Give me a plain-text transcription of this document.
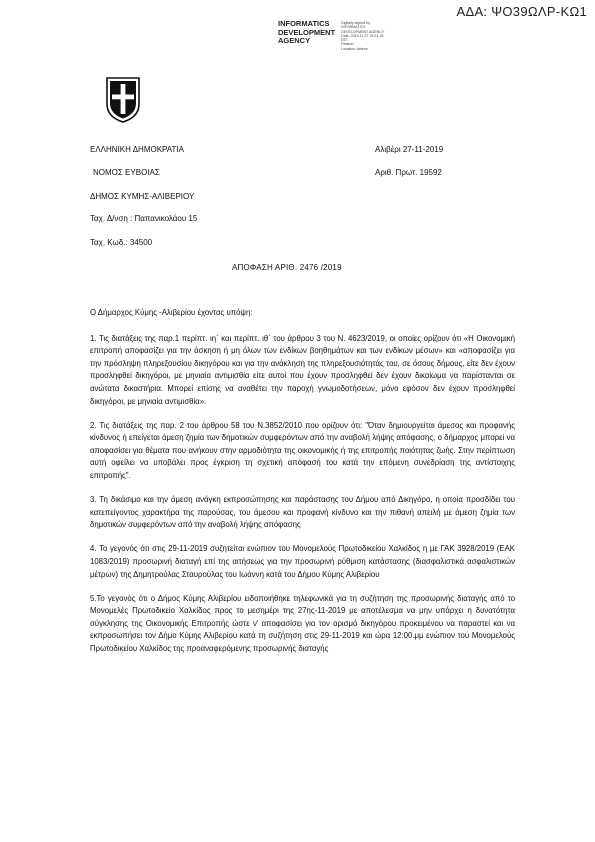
ΑΔΑ: ΨΟ39ΩΛΡ-ΚΩ1
INFORMATICS
DEVELOPMENT
AGENCY
Digitally signed by
INFORMATICS
DEVELOPMENT AGENCY
Date: 2019.11.27 15:21:15
EET
Reason:
Location: Athens
ΕΛΛΗΝΙΚΗ ΔΗΜΟΚΡΑΤΙΑ
ΝΟΜΟΣ ΕΥΒΟΙΑΣ
ΔΗΜΟΣ ΚΥΜΗΣ-ΑΛΙΒΕΡΙΟΥ
Ταχ. Δ/νση : Παπανικολάου 15
Ταχ. Κωδ.: 34500
Αλιβέρι 27-11-2019
Αριθ. Πρωτ. 19592
ΑΠΟΦΑΣΗ ΑΡΙΘ. 2476 /2019

Ο Δήμαρχος Κύμης -Αλιβερίου έχοντας υπόψη:

1. Τις διατάξεις της παρ.1 περίπτ. ιη΄ και περίπτ. ιθ΄ του άρθρου 3 του Ν. 4623/2019, οι οποίες ορίζουν ότι «Η Οικονομική επιτροπή αποφασίζει για την άσκηση ή μη όλων των ενδίκων βοηθημάτων και των ενδίκων μέσων» και «αποφασίζει για την πρόσληψη πληρεξουσίου δικηγόρου και για την ανάκληση της πληρεξουσιότητάς του, σε όσους δήμους, είτε δεν έχουν προσληφθεί δικηγόροι, με μηνιαία αντιμισθία είτε αυτοί που έχουν προσληφθεί δεν έχουν δικαίωμα να παρίστανται σε ανώτατα δικαστήρια. Μπορεί επίσης να αναθέτει την παροχή γνωμοδοτήσεων, μόνο εφόσον δεν έχουν προσληφθεί δικηγόροι, με μηνιαία αντιμισθία».

2. Τις διατάξεις της παρ. 2 του άρθρου 58 του Ν.3852/2010 που ορίζουν ότι: "Όταν δημιουργείται άμεσος και προφανής κίνδυνος ή επείγεται άμεση ζημία των δημοτικών συμφερόντων από την αναβολή λήψης απόφασης, ο δήμαρχος μπορεί να αποφασίσει για θέματα που ανήκουν στην αρμοδιότητα της οικονομικής ή της επιτροπής ποιότητας ζωής. Στην περίπτωση αυτή οφείλει να υποβάλει προς έγκριση τη σχετική απόφασή του κατά την επόμενη συνεδρίαση της αντίστοιχης επιτροπής".

3. Τη δικάσιμο και την άμεση ανάγκη εκπροσώπησης και παράστασης του Δήμου από Δικηγόρο, η οποία προσδίδει του κατεπείγοντος χαρακτήρα της παρούσας, του άμεσου και προφανή κίνδυνο και την πιθανή απειλή με άμεση ζημία των δημοτικών συμφερόντων από την αναβολή λήψης απόφασης

4. Το γεγονός ότι στις 29-11-2019 συζητείται ενώπιον του Μονομελούς Πρωτοδικείου Χαλκίδος η με ΓΑΚ 3928/2019 (ΕΑΚ 1083/2019) προσωρινή διαταγή επί της αιτήσεως για την προσωρινή ρύθμιση κατάστασης (διασφαλιστικά ασφαλιστικών μέτρων) της Δημητρούλας Σταυρούλας του Ιωάννη κατά του Δήμου Κύμης Αλιβερίου

5.Το γεγονός ότι ο Δήμος Κύμης Αλιβερίου ειδοποιήθηκε τηλεφωνικά για τη συζήτηση της προσωρινής διαταγής από το Μονομελές Πρωτοδικείο Χαλκίδος προς το μεσημέρι της 27ης-11-2019 με αποτέλεσμα να μην υπάρχει η δυνατότητα σύγκλησης της Οικονομικής Επιτροπής ώστε ν' αποφασίσει για τον ορισμό δικηγόρου προκειμένου να παραστεί και να εκπροσωπήσει τον Δήμο Κύμης Αλιβερίου κατά τη συζήτηση στις 29-11-2019 και ώρα 12:00.μμ ενώπιον του Μονομελούς Πρωτοδικείου Χαλκίδος της προαναφερόμενης προσωρινής διαταγής
